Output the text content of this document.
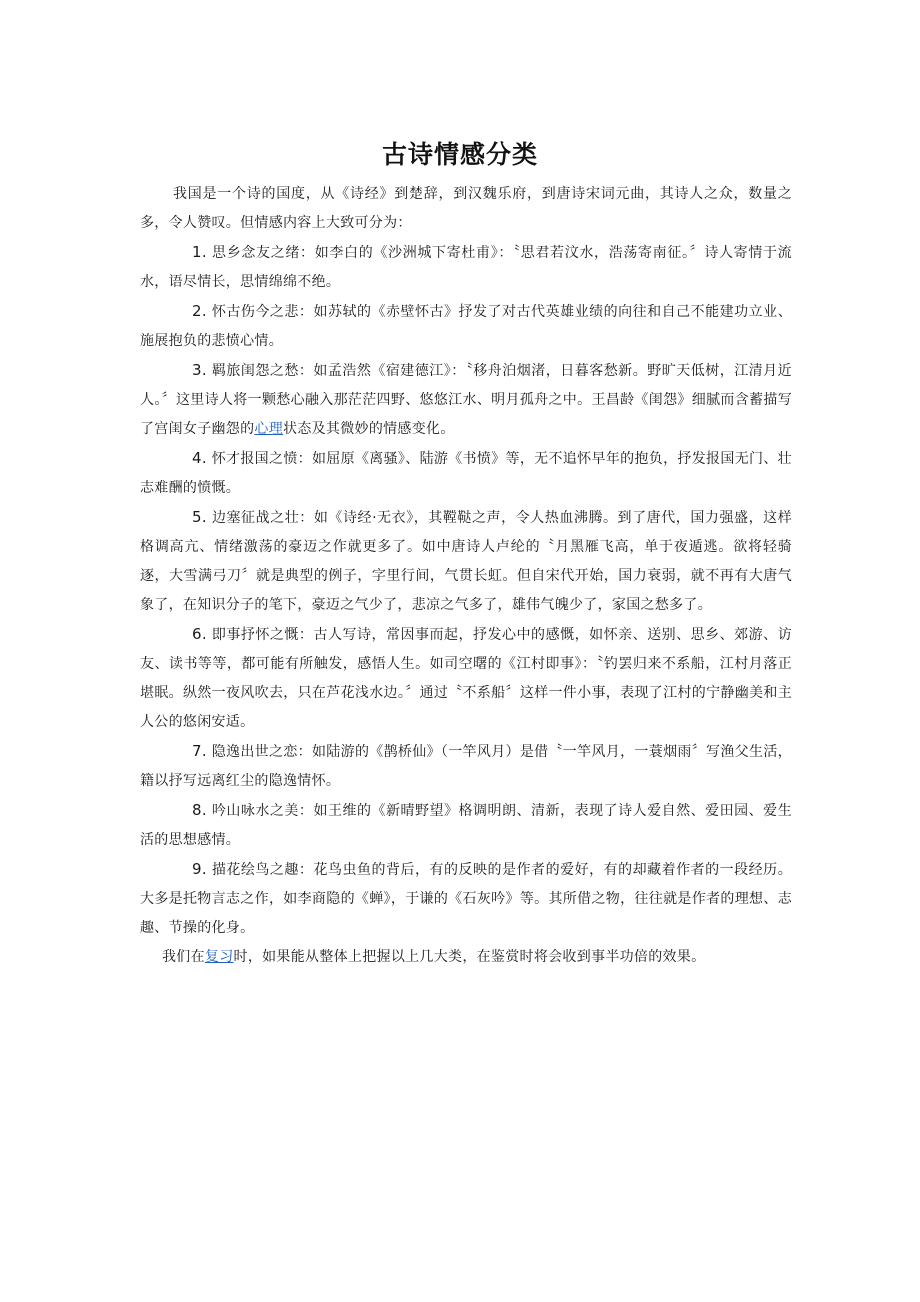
古诗情感分类

我国是一个诗的国度，从《诗经》到楚辞，到汉魏乐府，到唐诗宋词元曲，其诗人之众，数量之多，令人赞叹。但情感内容上大致可分为：

1. 思乡念友之绪：如李白的《沙洲城下寄杜甫》：〝思君若汶水，浩荡寄南征。〞诗人寄情于流水，语尽情长，思情绵绵不绝。

2. 怀古伤今之悲：如苏轼的《赤壁怀古》抒发了对古代英雄业绩的向往和自己不能建功立业、施展抱负的悲愤心情。

3. 羁旅闺怨之愁：如孟浩然《宿建德江》：〝移舟泊烟渚，日暮客愁新。野旷天低树，江清月近人。〞这里诗人将一颗愁心融入那茫茫四野、悠悠江水、明月孤舟之中。王昌龄《闺怨》细腻而含蓄描写了宫闺女子幽怨的心理状态及其微妙的情感变化。

4. 怀才报国之愤：如屈原《离骚》、陆游《书愤》等，无不追怀早年的抱负，抒发报国无门、壮志难酬的愤慨。

5. 边塞征战之壮：如《诗经·无衣》，其鞺鞑之声，令人热血沸腾。到了唐代，国力强盛，这样格调高亢、情绪激荡的豪迈之作就更多了。如中唐诗人卢纶的〝月黑雁飞高，单于夜遁逃。欲将轻骑逐，大雪满弓刀〞就是典型的例子，字里行间，气贯长虹。但自宋代开始，国力衰弱，就不再有大唐气象了，在知识分子的笔下，豪迈之气少了，悲凉之气多了，雄伟气魄少了，家国之愁多了。

6. 即事抒怀之慨：古人写诗，常因事而起，抒发心中的感慨，如怀亲、送别、思乡、郊游、访友、读书等等，都可能有所触发，感悟人生。如司空曙的《江村即事》：〝钓罢归来不系船，江村月落正堪眠。纵然一夜风吹去，只在芦花浅水边。〞通过〝不系船〞这样一件小事，表现了江村的宁静幽美和主人公的悠闲安适。

7. 隐逸出世之恋：如陆游的《鹊桥仙》（一竿风月）是借〝一竿风月，一蓑烟雨〞写渔父生活，籍以抒写远离红尘的隐逸情怀。

8. 吟山咏水之美：如王维的《新晴野望》格调明朗、清新，表现了诗人爱自然、爱田园、爱生活的思想感情。

9. 描花绘鸟之趣：花鸟虫鱼的背后，有的反映的是作者的爱好，有的却藏着作者的一段经历。大多是托物言志之作，如李商隐的《蝉》，于谦的《石灰吟》等。其所借之物，往往就是作者的理想、志趣、节操的化身。

我们在复习时，如果能从整体上把握以上几大类，在鉴赏时将会收到事半功倍的效果。
